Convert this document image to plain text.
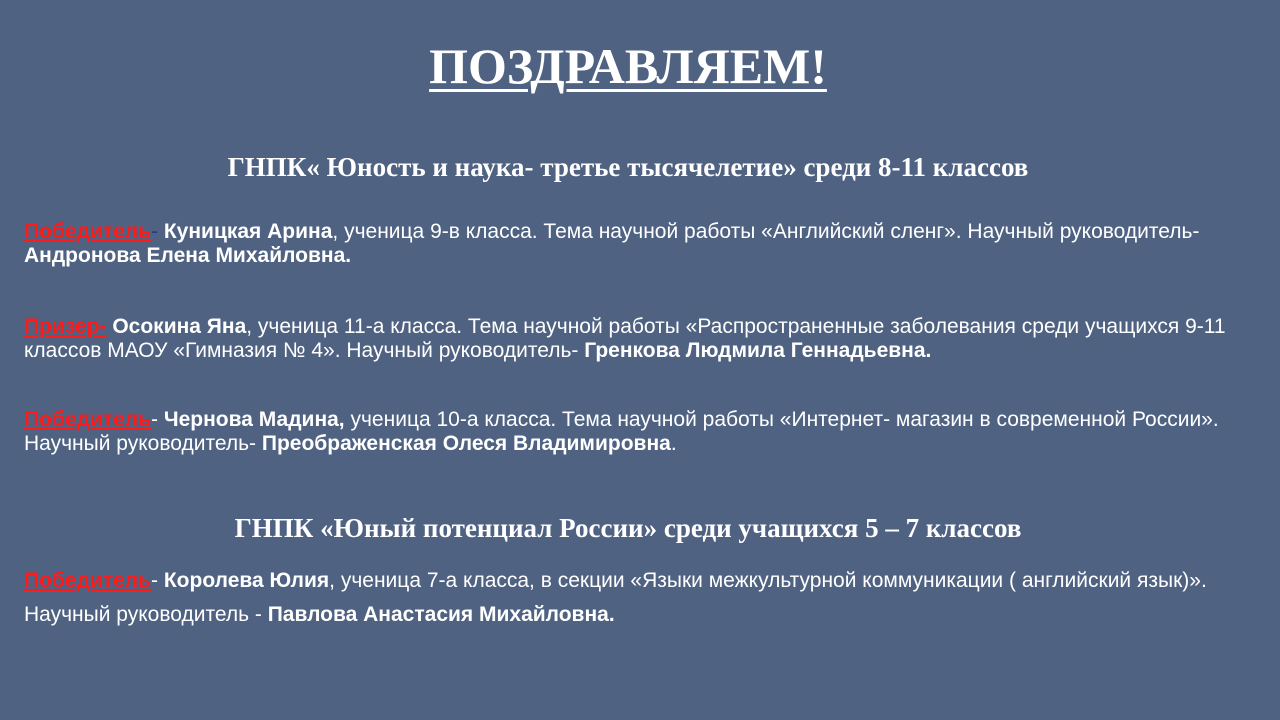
ПОЗДРАВЛЯЕМ!
ГНПК« Юность и наука- третье тысячелетие» среди 8-11 классов
Победитель- Куницкая Арина, ученица 9-в класса. Тема научной работы «Английский сленг». Научный руководитель- Андронова Елена Михайловна.
Призер- Осокина Яна, ученица 11-а класса. Тема научной работы «Распространенные заболевания среди учащихся 9-11 классов МАОУ «Гимназия № 4». Научный руководитель- Гренкова Людмила Геннадьевна.
Победитель- Чернова Мадина, ученица 10-а класса. Тема научной работы «Интернет- магазин в современной России». Научный руководитель- Преображенская Олеся Владимировна.
ГНПК «Юный потенциал России» среди учащихся 5 – 7 классов
Победитель- Королева Юлия, ученица 7-а класса, в секции «Языки межкультурной коммуникации ( английский язык)». Научный руководитель - Павлова Анастасия Михайловна.
